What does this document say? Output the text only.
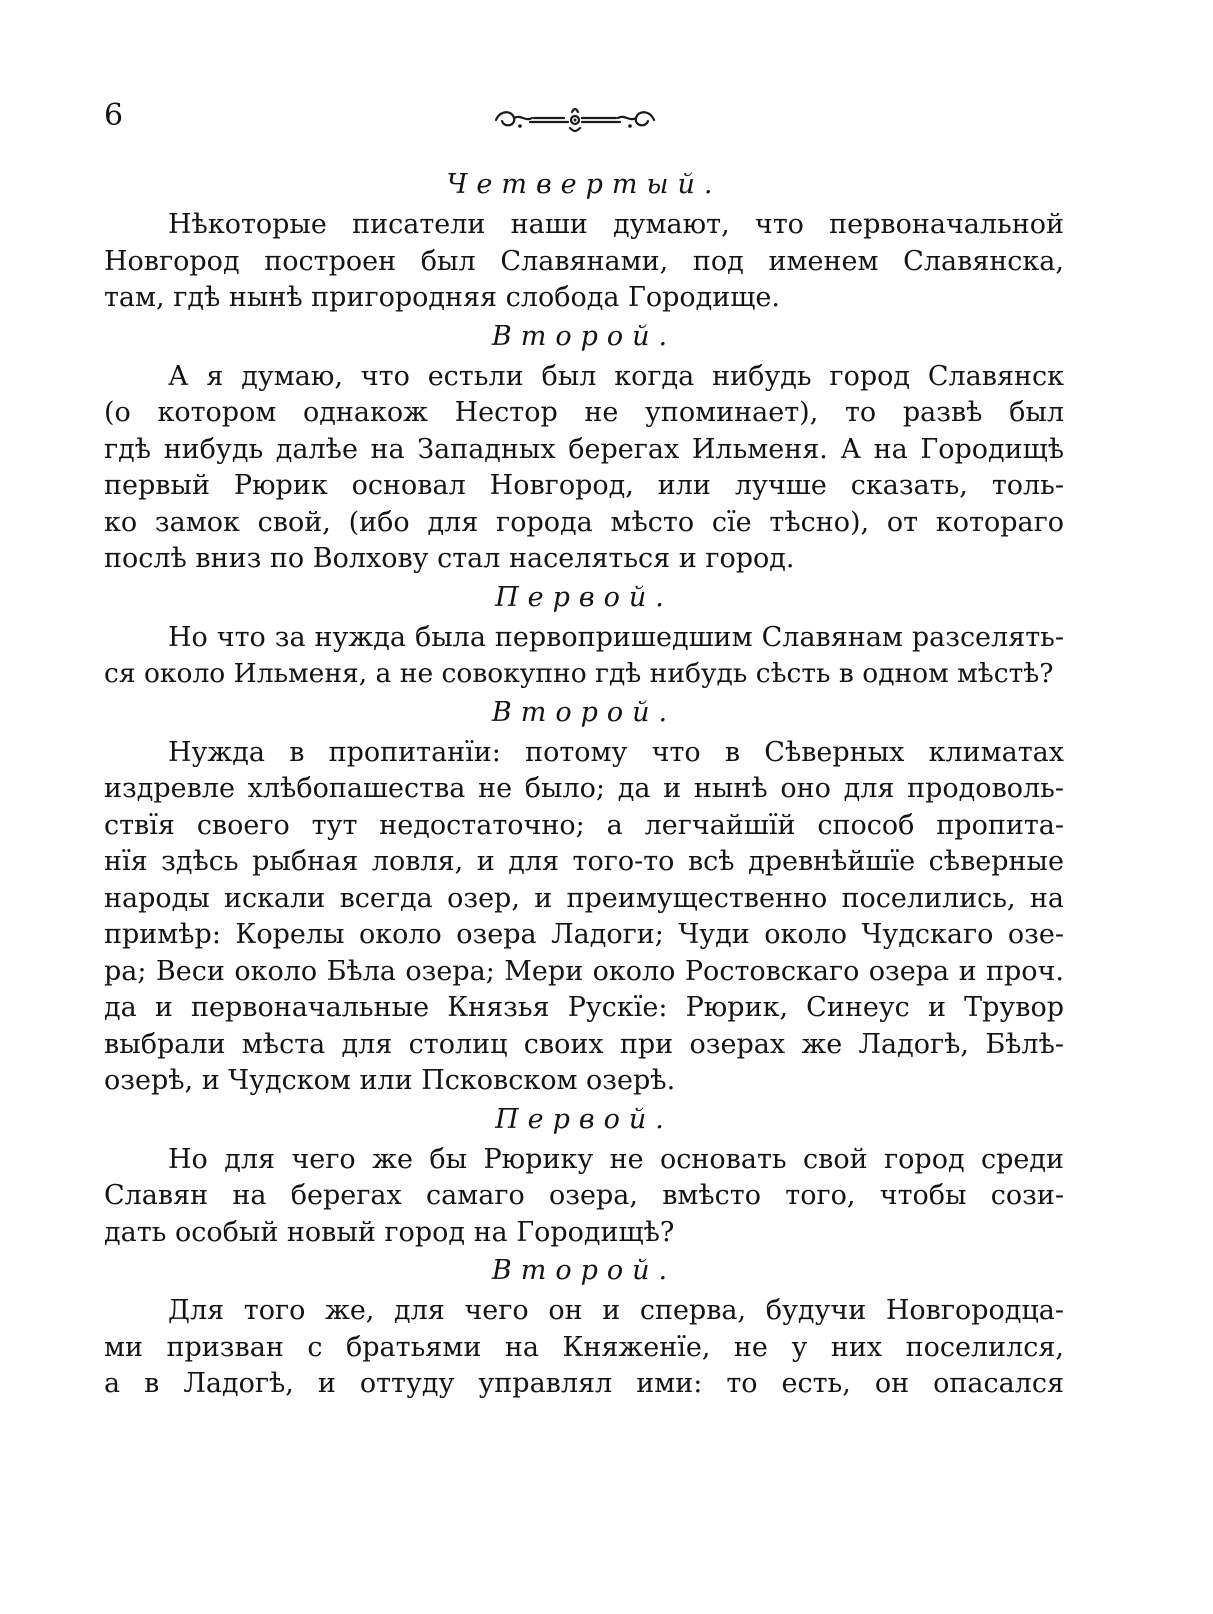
6
Четвертый.
Нѣкоторые писатели наши думают, что первоначальной
Новгород построен был Славянами, под именем Славянска,
там, гдѣ нынѣ пригородняя слобода Городище.
Второй.
А я думаю, что естьли был когда нибудь город Славянск
(о котором однакож Нестор не упоминает), то развѣ был
гдѣ нибудь далѣе на Западных берегах Ильменя. А на Городищѣ
первый Рюрик основал Новгород, или лучше сказать, толь-
ко замок свой, (ибо для города мѣсто сїе тѣсно), от котораго
послѣ вниз по Волхову стал населяться и город.
Первой.
Но что за нужда была первопришедшим Славянам разселять-
ся около Ильменя, а не совокупно гдѣ нибудь сѣсть в одном мѣстѣ?
Второй.
Нужда в пропитанїи: потому что в Сѣверных климатах
издревле хлѣбопашества не было; да и нынѣ оно для продоволь-
ствїя своего тут недостаточно; а легчайшїй способ пропита-
нїя здѣсь рыбная ловля, и для того-то всѣ древнѣйшїе сѣверные
народы искали всегда озер, и преимущественно поселились, на
примѣр: Корелы около озера Ладоги; Чуди около Чудскаго озе-
ра; Веси около Бѣла озера; Мери около Ростовскаго озера и проч.
да и первоначальные Князья Рускїе: Рюрик, Синеус и Трувор
выбрали мѣста для столиц своих при озерах же Ладогѣ, Бѣлѣ-
озерѣ, и Чудском или Псковском озерѣ.
Первой.
Но для чего же бы Рюрику не основать свой город среди
Славян на берегах самаго озера, вмѣсто того, чтобы сози-
дать особый новый город на Городищѣ?
Второй.
Для того же, для чего он и сперва, будучи Новгородца-
ми призван с братьями на Княженїе, не у них поселился,
а в Ладогѣ, и оттуду управлял ими: то есть, он опасался
